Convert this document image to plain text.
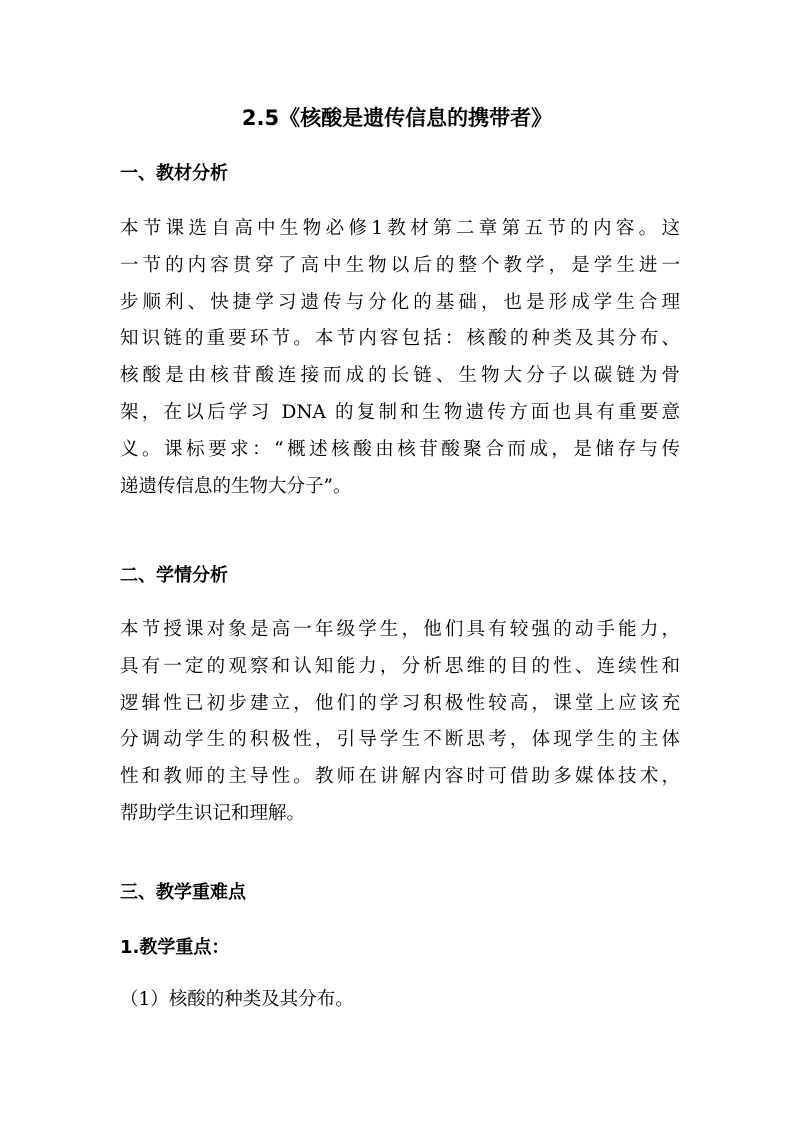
2.5《核酸是遗传信息的携带者》
一、教材分析
本节课选自高中生物必修1教材第二章第五节的内容。这
一节的内容贯穿了高中生物以后的整个教学，是学生进一
步顺利、快捷学习遗传与分化的基础，也是形成学生合理
知识链的重要环节。本节内容包括：核酸的种类及其分布、
核酸是由核苷酸连接而成的长链、生物大分子以碳链为骨
架，在以后学习 DNA 的复制和生物遗传方面也具有重要意
义。课标要求：“概述核酸由核苷酸聚合而成，是储存与传
递遗传信息的生物大分子”。
二、学情分析
本节授课对象是高一年级学生，他们具有较强的动手能力，
具有一定的观察和认知能力，分析思维的目的性、连续性和
逻辑性已初步建立，他们的学习积极性较高，课堂上应该充
分调动学生的积极性，引导学生不断思考，体现学生的主体
性和教师的主导性。教师在讲解内容时可借助多媒体技术，
帮助学生识记和理解。
三、教学重难点
1.教学重点：
（1）核酸的种类及其分布。
